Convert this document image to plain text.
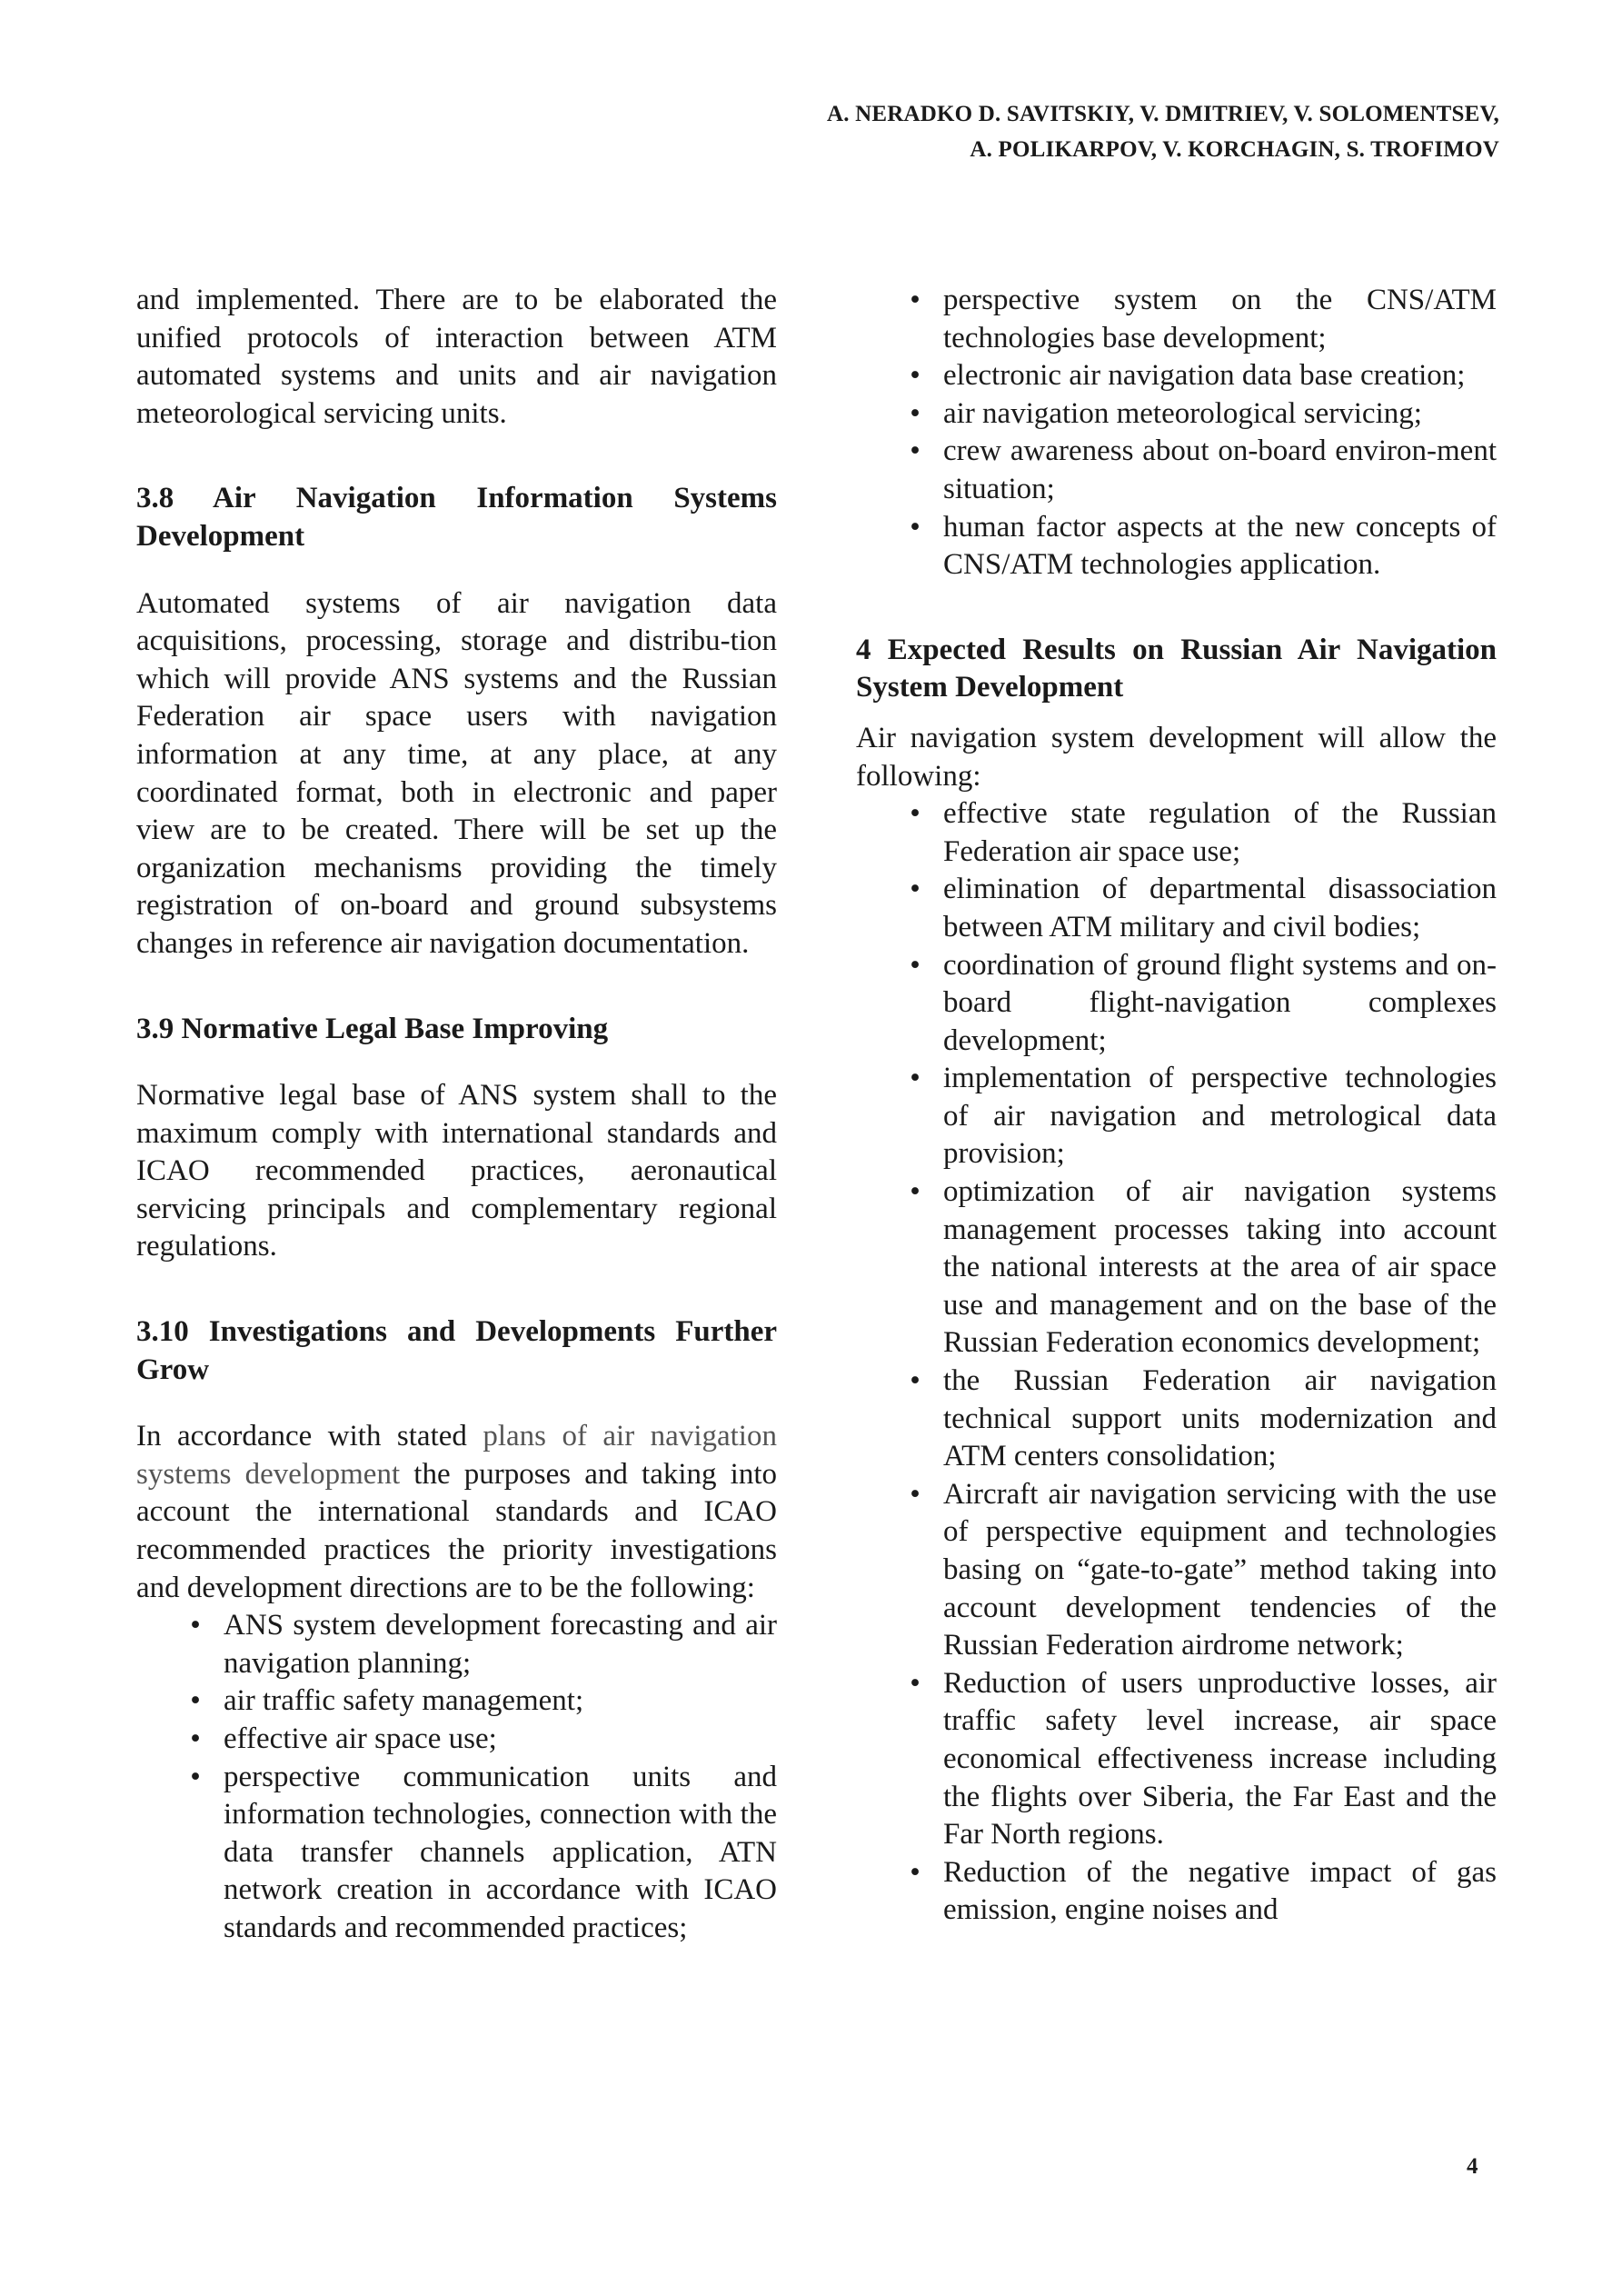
A. NERADKO D. SAVITSKIY, V. DMITRIEV, V. SOLOMENTSEV,
A. POLIKARPOV, V. KORCHAGIN, S. TROFIMOV

and implemented. There are to be elaborated the unified protocols of interaction between ATM automated systems and units and air navigation meteorological servicing units.

3.8 Air Navigation Information Systems Development

Automated systems of air navigation data acquisitions, processing, storage and distribu-tion which will provide ANS systems and the Russian Federation air space users with navigation information at any time, at any place, at any coordinated format, both in electronic and paper view are to be created. There will be set up the organization mechanisms providing the timely registration of on-board and ground subsystems changes in reference air navigation documentation.

3.9 Normative Legal Base Improving

Normative legal base of ANS system shall to the maximum comply with international standards and ICAO recommended practices, aeronautical servicing principals and complementary regional regulations.

3.10 Investigations and Developments Further Grow

In accordance with stated plans of air navigation systems development the purposes and taking into account the international standards and ICAO recommended practices the priority investigations and development directions are to be the following:

• ANS system development forecasting and air navigation planning;
• air traffic safety management;
• effective air space use;
• perspective communication units and information technologies, connection with the data transfer channels application, ATN network creation in accordance with ICAO standards and recommended practices;
• perspective system on the CNS/ATM technologies base development;
• electronic air navigation data base creation;
• air navigation meteorological servicing;
• crew awareness about on-board environ-ment situation;
• human factor aspects at the new concepts of CNS/ATM technologies application.

4 Expected Results on Russian Air Navigation System Development

Air navigation system development will allow the following:

• effective state regulation of the Russian Federation air space use;
• elimination of departmental disassociation between ATM military and civil bodies;
• coordination of ground flight systems and on-board flight-navigation complexes development;
• implementation of perspective technologies of air navigation and metrological data provision;
• optimization of air navigation systems management processes taking into account the national interests at the area of air space use and management and on the base of the Russian Federation economics development;
• the Russian Federation air navigation technical support units modernization and ATM centers consolidation;
• Aircraft air navigation servicing with the use of perspective equipment and technologies basing on “gate-to-gate” method taking into account development tendencies of the Russian Federation airdrome network;
• Reduction of users unproductive losses, air traffic safety level increase, air space economical effectiveness increase including the flights over Siberia, the Far East and the Far North regions.
• Reduction of the negative impact of gas emission, engine noises and
4
